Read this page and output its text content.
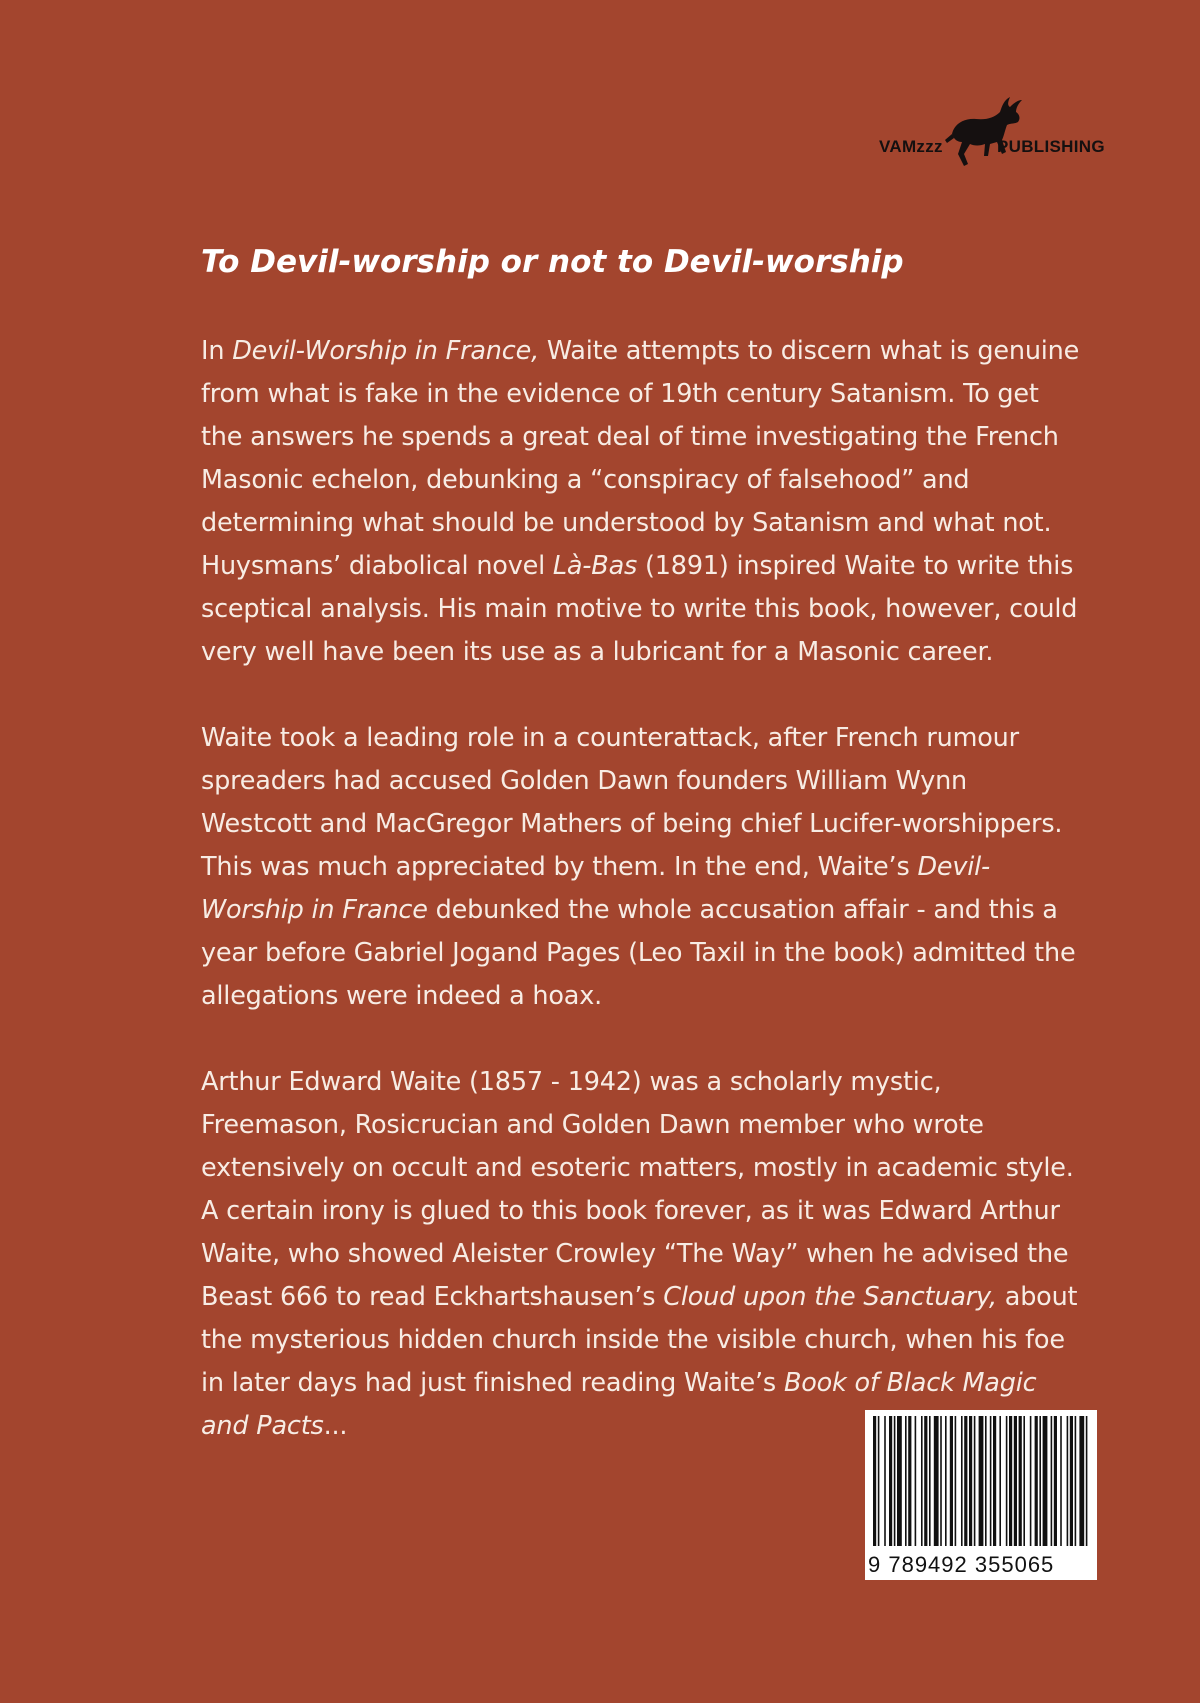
VAMzzz	PUBLISHING
To Devil-worship or not to Devil-worship

In Devil-Worship in France, Waite attempts to discern what is genuine from what is fake in the evidence of 19th century Satanism. To get the answers he spends a great deal of time investigating the French Masonic echelon, debunking a “conspiracy of falsehood” and determining what should be understood by Satanism and what not. Huysmans’ diabolical novel Là-Bas (1891) inspired Waite to write this sceptical analysis. His main motive to write this book, however, could very well have been its use as a lubricant for a Masonic career.

Waite took a leading role in a counterattack, after French rumour spreaders had accused Golden Dawn founders William Wynn Westcott and MacGregor Mathers of being chief Lucifer-worshippers. This was much appreciated by them. In the end, Waite’s Devil-Worship in France debunked the whole accusation affair - and this a year before Gabriel Jogand Pages (Leo Taxil in the book) admitted the allegations were indeed a hoax.

Arthur Edward Waite (1857 - 1942) was a scholarly mystic, Freemason, Rosicrucian and Golden Dawn member who wrote extensively on occult and esoteric matters, mostly in academic style. A certain irony is glued to this book forever, as it was Edward Arthur Waite, who showed Aleister Crowley “The Way” when he advised the Beast 666 to read Eckhartshausen’s Cloud upon the Sanctuary, about the mysterious hidden church inside the visible church, when his foe in later days had just finished reading Waite’s Book of Black Magic and Pacts...

9 789492 355065
